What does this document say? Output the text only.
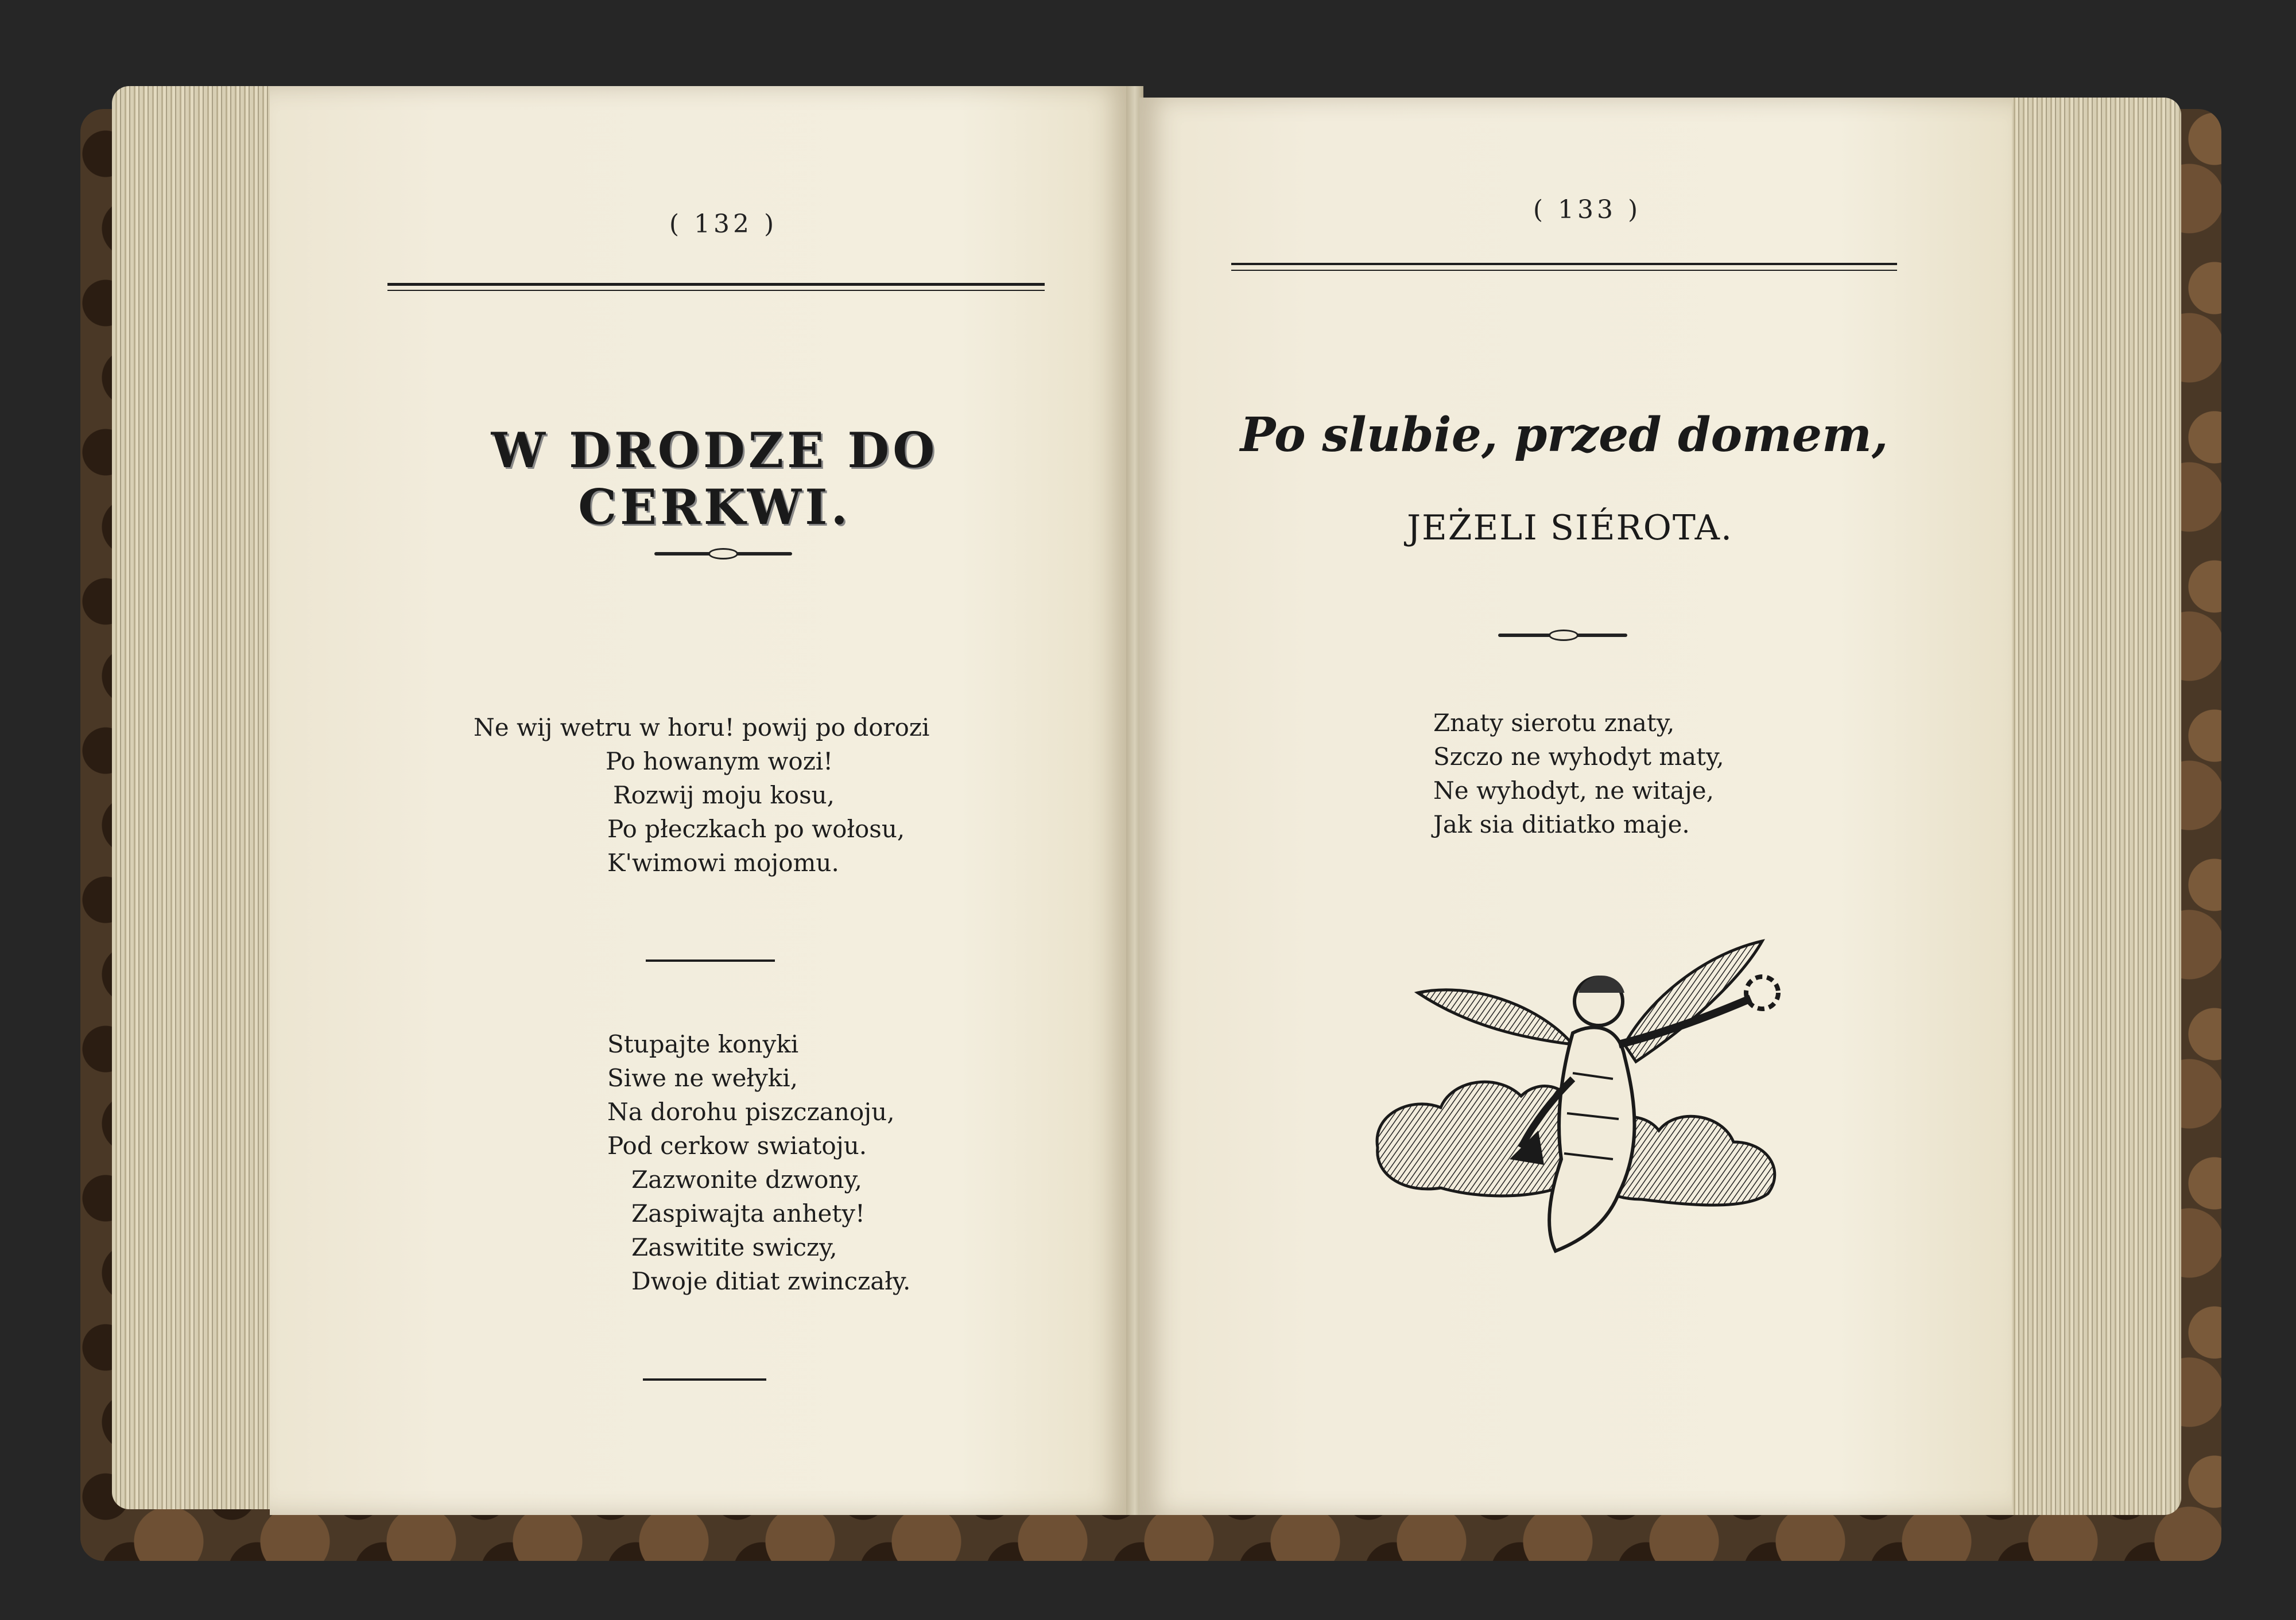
( 132 )
W DRODZE DO CERKWI.
Ne wij wetru w horu! powij po dorozi
Po howanym wozi!
Rozwij moju kosu,
Po płeczkach po wołosu,
K'wimowi mojomu.
Stupajte konyki
Siwe ne wełyki,
Na dorohu piszczanoju,
Pod cerkow swiatoju.
Zazwonite dzwony,
Zaspiwajta anhety!
Zaswitite swiczy,
Dwoje ditiat zwinczały.
( 133 )
Po slubie, przed domem,
JEŻELI SIÉROTA.
Znaty sierotu znaty,
Szczo ne wyhodyt maty,
Ne wyhodyt, ne witaje,
Jak sia ditiatko maje.
